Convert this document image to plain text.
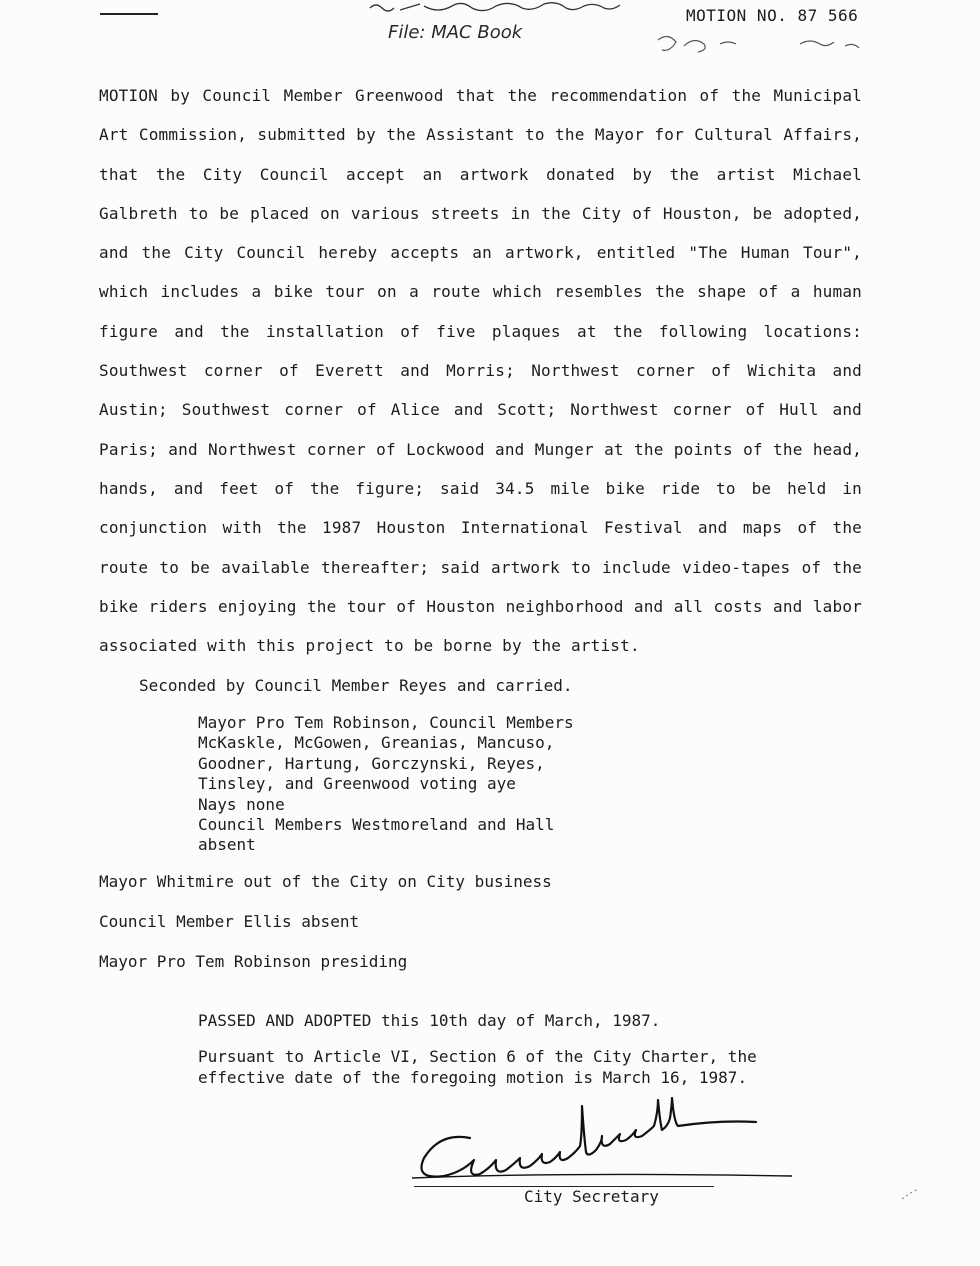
File: MAC Book
MOTION NO. 87 566

MOTION by Council Member Greenwood that the recommendation of the Municipal Art Commission, submitted by the Assistant to the Mayor for Cultural Affairs, that the City Council accept an artwork donated by the artist Michael Galbreth to be placed on various streets in the City of Houston, be adopted, and the City Council hereby accepts an artwork, entitled "The Human Tour", which includes a bike tour on a route which resembles the shape of a human figure and the installation of five plaques at the following locations: Southwest corner of Everett and Morris; Northwest corner of Wichita and Austin; Southwest corner of Alice and Scott; Northwest corner of Hull and Paris; and Northwest corner of Lockwood and Munger at the points of the head, hands, and feet of the figure; said 34.5 mile bike ride to be held in conjunction with the 1987 Houston International Festival and maps of the route to be available thereafter; said artwork to include video-tapes of the bike riders enjoying the tour of Houston neighborhood and all costs and labor associated with this project to be borne by the artist.

Seconded by Council Member Reyes and carried.
Mayor Pro Tem Robinson, Council Members
McKaskle, McGowen, Greanias, Mancuso,
Goodner, Hartung, Gorczynski, Reyes,
Tinsley, and Greenwood voting aye
Nays none
Council Members Westmoreland and Hall
absent
Mayor Whitmire out of the City on City business
Council Member Ellis absent
Mayor Pro Tem Robinson presiding
PASSED AND ADOPTED this 10th day of March, 1987.
Pursuant to Article VI, Section 6 of the City Charter, the
effective date of the foregoing motion is March 16, 1987.
City Secretary
